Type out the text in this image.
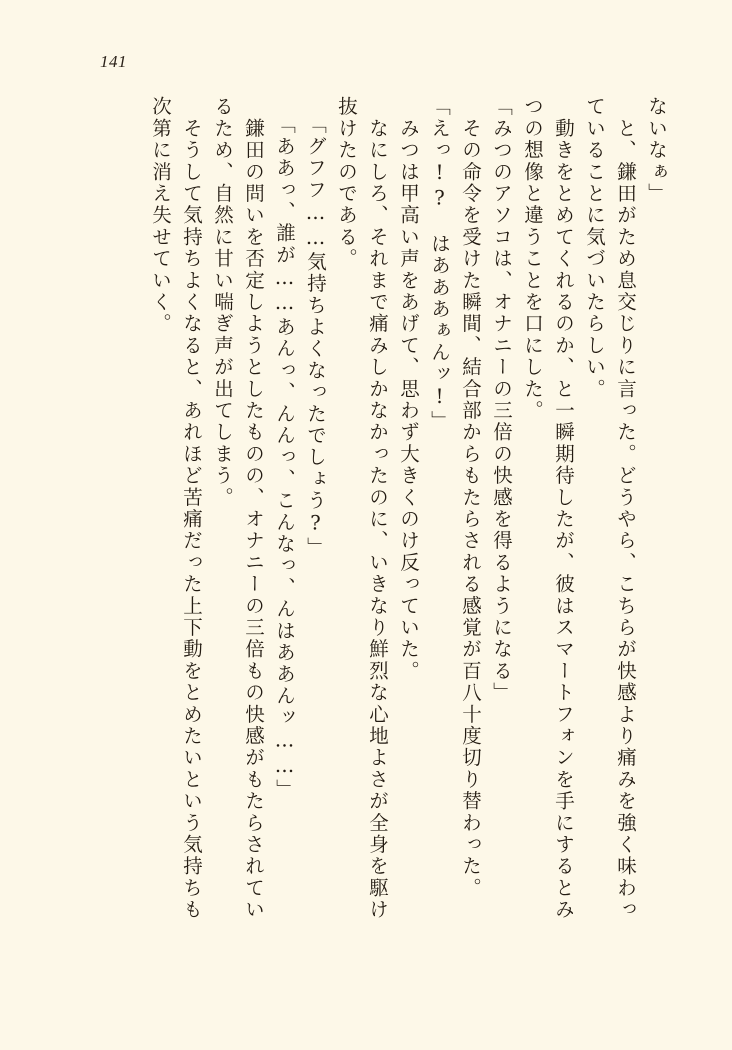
141
ないなぁ」
　と、鎌田がため息交じりに言った。どうやら、こちらが快感より痛みを強く味わっ
ていることに気づいたらしい。
　動きをとめてくれるのか、と一瞬期待したが、彼はスマートフォンを手にするとみ
つの想像と違うことを口にした。
「みつのアソコは、オナニーの三倍の快感を得るようになる」
　その命令を受けた瞬間、結合部からもたらされる感覚が百八十度切り替わった。
「えっ!?　はあああぁんッ!」
　みつは甲高い声をあげて、思わず大きくのけ反っていた。
　なにしろ、それまで痛みしかなかったのに、いきなり鮮烈な心地よさが全身を駆け
抜けたのである。
「グフフ……気持ちよくなったでしょう?」
「ああっ、誰が……あんっ、んんっ、こんなっ、んはああんッ……」
　鎌田の問いを否定しようとしたものの、オナニーの三倍もの快感がもたらされてい
るため、自然に甘い喘ぎ声が出てしまう。
　そうして気持ちよくなると、あれほど苦痛だった上下動をとめたいという気持ちも
次第に消え失せていく。
